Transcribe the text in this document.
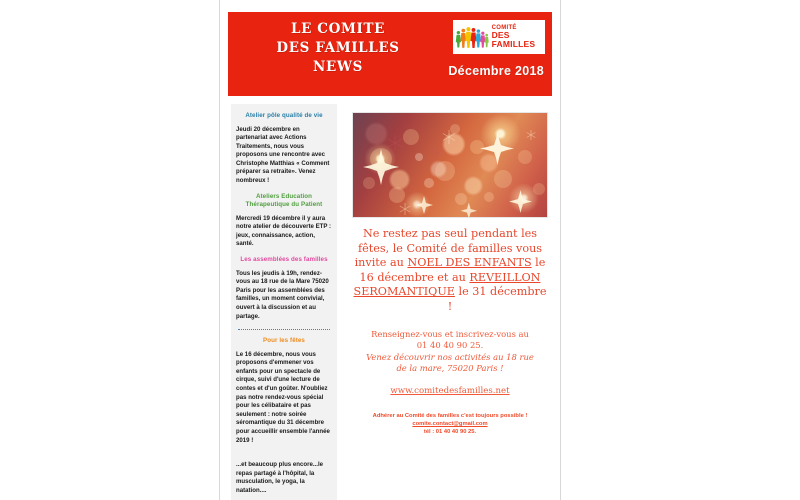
LE COMITE
DES FAMILLES
NEWS
COMITÉ
DES FAMILLES
Décembre 2018
Atelier pôle qualité de vie

Jeudi 20 décembre en partenariat avec Actions Traitements, nous vous proposons une rencontre avec Christophe Matthias « Comment préparer sa retraite». Venez nombreux !

Ateliers Education Thérapeutique du Patient

Mercredi 19 décembre il y aura notre atelier de découverte ETP : jeux, connaissance, action, santé.

Les assemblées des familles

Tous les jeudis à 19h, rendez-vous au 18 rue de la Mare 75020 Paris pour les assemblées des familles, un moment convivial, ouvert à la discussion et au partage.

Pour les fêtes

Le 16 décembre, nous vous proposons d'emmener vos enfants pour un spectacle de cirque, suivi d'une lecture de contes et d'un goûter. N'oubliez pas notre rendez-vous spécial pour les célibataire et pas seulement : notre soirée séromantique du 31 décembre pour accueillir ensemble l'année 2019 !

...et beaucoup plus encore...le repas partagé à l'hôpital, la musculation, le yoga, la natation....

Ne restez pas seul pendant les fêtes, le Comité de familles vous invite au NOEL DES ENFANTS le 16 décembre et au REVEILLON SEROMANTIQUE le 31 décembre !
Renseignez-vous et inscrivez-vous au
01 40 40 90 25.
Venez découvrir nos activités au 18 rue
de la mare, 75020 Paris !
www.comitedesfamilles.net
Adhérer au Comité des familles c'est toujours possible !
comite.contact@gmail.com
tél : 01 40 40 90 25.
